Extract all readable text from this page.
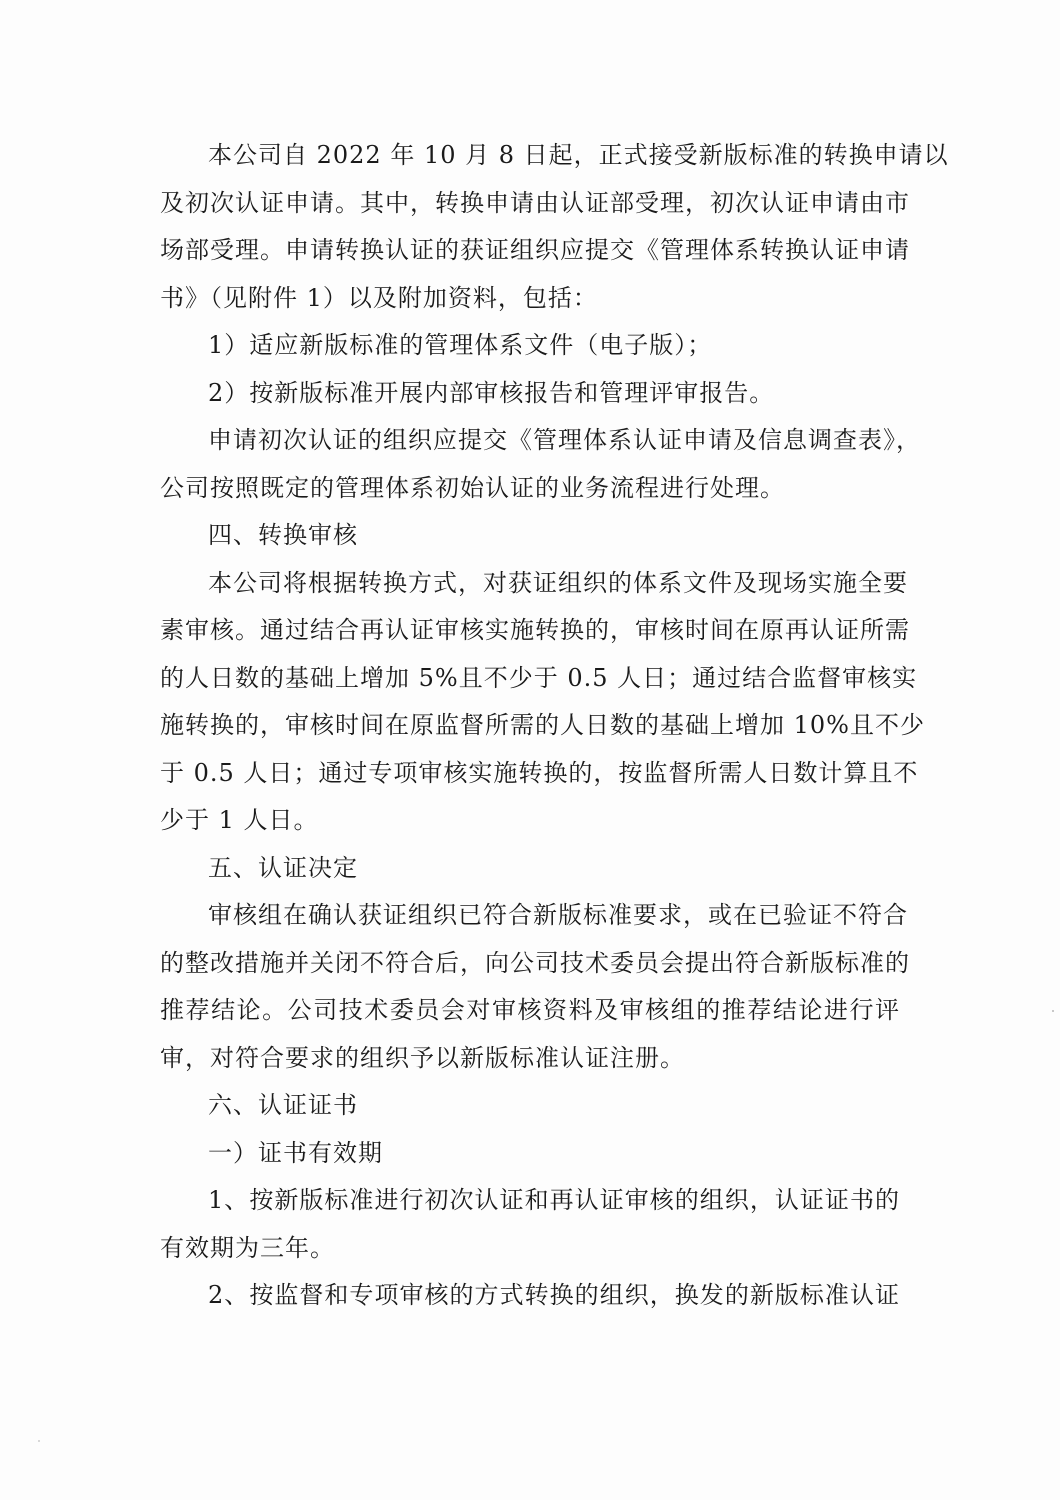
本公司自 2022 年 10 月 8 日起，正式接受新版标准的转换申请以
及初次认证申请。其中，转换申请由认证部受理，初次认证申请由市
场部受理。申请转换认证的获证组织应提交《管理体系转换认证申请
书》（见附件 1）以及附加资料，包括：
1）适应新版标准的管理体系文件（电子版）；
2）按新版标准开展内部审核报告和管理评审报告。
申请初次认证的组织应提交《管理体系认证申请及信息调查表》，
公司按照既定的管理体系初始认证的业务流程进行处理。
四、转换审核
本公司将根据转换方式，对获证组织的体系文件及现场实施全要
素审核。通过结合再认证审核实施转换的，审核时间在原再认证所需
的人日数的基础上增加 5%且不少于 0.5 人日；通过结合监督审核实
施转换的，审核时间在原监督所需的人日数的基础上增加 10%且不少
于 0.5 人日；通过专项审核实施转换的，按监督所需人日数计算且不
少于 1 人日。
五、认证决定
审核组在确认获证组织已符合新版标准要求，或在已验证不符合
的整改措施并关闭不符合后，向公司技术委员会提出符合新版标准的
推荐结论。公司技术委员会对审核资料及审核组的推荐结论进行评
审，对符合要求的组织予以新版标准认证注册。
六、认证证书
一）证书有效期
1、按新版标准进行初次认证和再认证审核的组织，认证证书的
有效期为三年。
2、按监督和专项审核的方式转换的组织，换发的新版标准认证
